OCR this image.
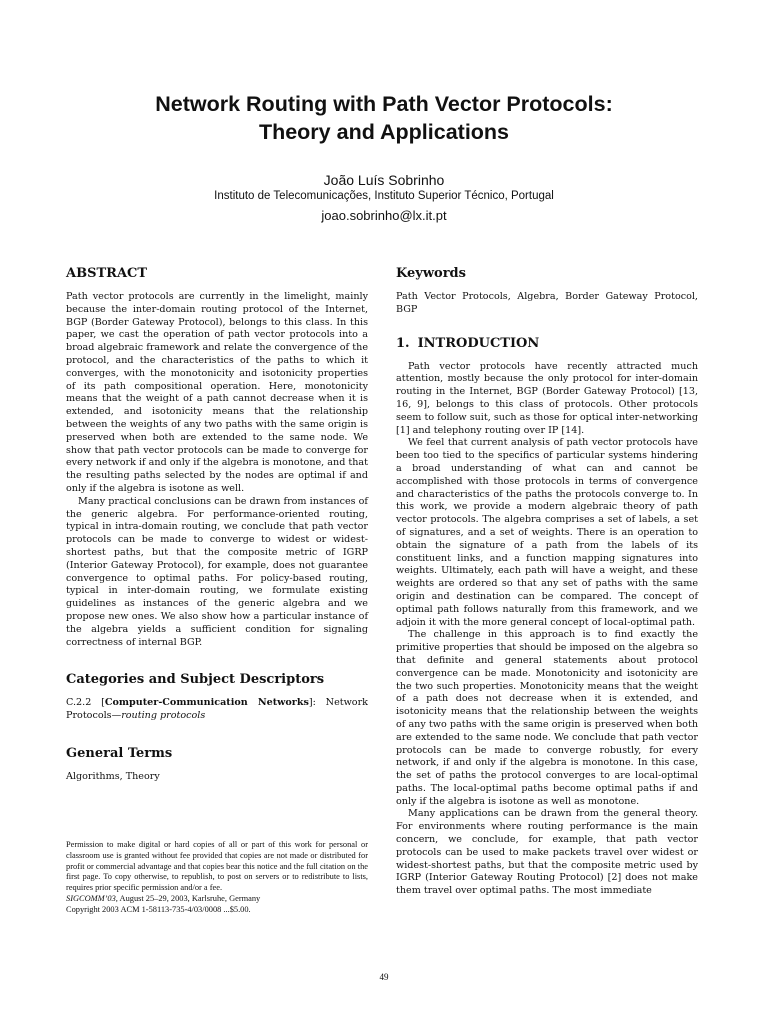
Network Routing with Path Vector Protocols:
Theory and Applications
João Luís Sobrinho
Instituto de Telecomunicações, Instituto Superior Técnico, Portugal
joao.sobrinho@lx.it.pt
ABSTRACT

Path vector protocols are currently in the limelight, mainly because the inter-domain routing protocol of the Internet, BGP (Border Gateway Protocol), belongs to this class. In this paper, we cast the operation of path vector protocols into a broad algebraic framework and relate the convergence of the protocol, and the characteristics of the paths to which it converges, with the monotonicity and isotonicity properties of its path compositional operation. Here, monotonicity means that the weight of a path cannot decrease when it is extended, and isotonicity means that the relationship between the weights of any two paths with the same origin is preserved when both are extended to the same node. We show that path vector protocols can be made to converge for every network if and only if the algebra is monotone, and that the resulting paths selected by the nodes are optimal if and only if the algebra is isotone as well.

Many practical conclusions can be drawn from instances of the generic algebra. For performance-oriented routing, typical in intra-domain routing, we conclude that path vector protocols can be made to converge to widest or widest-shortest paths, but that the composite metric of IGRP (Interior Gateway Protocol), for example, does not guarantee convergence to optimal paths. For policy-based routing, typical in inter-domain routing, we formulate existing guidelines as instances of the generic algebra and we propose new ones. We also show how a particular instance of the algebra yields a sufficient condition for signaling correctness of internal BGP.

Categories and Subject Descriptors

C.2.2 [Computer-Communication Networks]: Network Protocols—routing protocols

General Terms

Algorithms, Theory

Permission to make digital or hard copies of all or part of this work for personal or classroom use is granted without fee provided that copies are not made or distributed for profit or commercial advantage and that copies bear this notice and the full citation on the first page. To copy otherwise, to republish, to post on servers or to redistribute to lists, requires prior specific permission and/or a fee.
SIGCOMM’03, August 25–29, 2003, Karlsruhe, Germany
Copyright 2003 ACM 1-58113-735-4/03/0008 ...$5.00.
Keywords

Path Vector Protocols, Algebra, Border Gateway Protocol, BGP

1. INTRODUCTION

Path vector protocols have recently attracted much attention, mostly because the only protocol for inter-domain routing in the Internet, BGP (Border Gateway Protocol) [13, 16, 9], belongs to this class of protocols. Other protocols seem to follow suit, such as those for optical inter-networking [1] and telephony routing over IP [14].

We feel that current analysis of path vector protocols have been too tied to the specifics of particular systems hindering a broad understanding of what can and cannot be accomplished with those protocols in terms of convergence and characteristics of the paths the protocols converge to. In this work, we provide a modern algebraic theory of path vector protocols. The algebra comprises a set of labels, a set of signatures, and a set of weights. There is an operation to obtain the signature of a path from the labels of its constituent links, and a function mapping signatures into weights. Ultimately, each path will have a weight, and these weights are ordered so that any set of paths with the same origin and destination can be compared. The concept of optimal path follows naturally from this framework, and we adjoin it with the more general concept of local-optimal path.

The challenge in this approach is to find exactly the primitive properties that should be imposed on the algebra so that definite and general statements about protocol convergence can be made. Monotonicity and isotonicity are the two such properties. Monotonicity means that the weight of a path does not decrease when it is extended, and isotonicity means that the relationship between the weights of any two paths with the same origin is preserved when both are extended to the same node. We conclude that path vector protocols can be made to converge robustly, for every network, if and only if the algebra is monotone. In this case, the set of paths the protocol converges to are local-optimal paths. The local-optimal paths become optimal paths if and only if the algebra is isotone as well as monotone.

Many applications can be drawn from the general theory. For environments where routing performance is the main concern, we conclude, for example, that path vector protocols can be used to make packets travel over widest or widest-shortest paths, but that the composite metric used by IGRP (Interior Gateway Routing Protocol) [2] does not make them travel over optimal paths. The most immediate

49
